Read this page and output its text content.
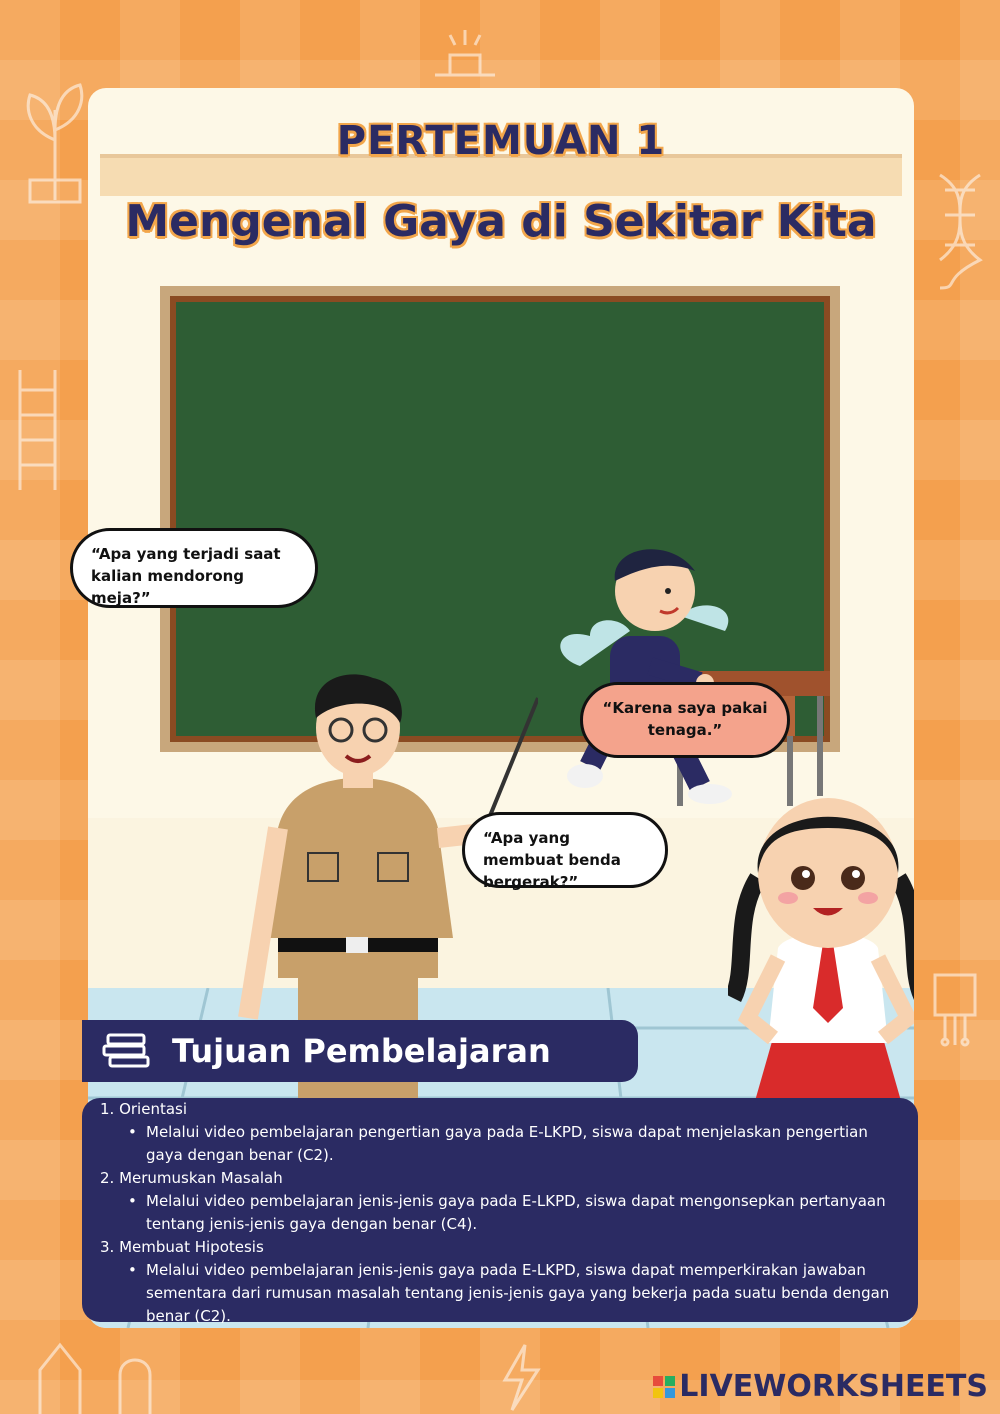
PERTEMUAN 1
Mengenal Gaya di Sekitar Kita
“Apa yang terjadi saat kalian mendorong meja?”
“Karena saya pakai tenaga.”
“Apa yang membuat benda bergerak?”
Tujuan Pembelajaran

1. Orientasi

• Melalui video pembelajaran pengertian gaya pada E-LKPD, siswa dapat menjelaskan pengertian gaya dengan benar (C2).

2. Merumuskan Masalah

• Melalui video pembelajaran jenis-jenis gaya pada E-LKPD, siswa dapat mengonsepkan pertanyaan tentang jenis-jenis gaya dengan benar (C4).

3. Membuat Hipotesis

• Melalui video pembelajaran jenis-jenis gaya pada E-LKPD, siswa dapat memperkirakan jawaban sementara dari rumusan masalah tentang jenis-jenis gaya yang bekerja pada suatu benda dengan benar (C2).

LIVEWORKSHEETS
